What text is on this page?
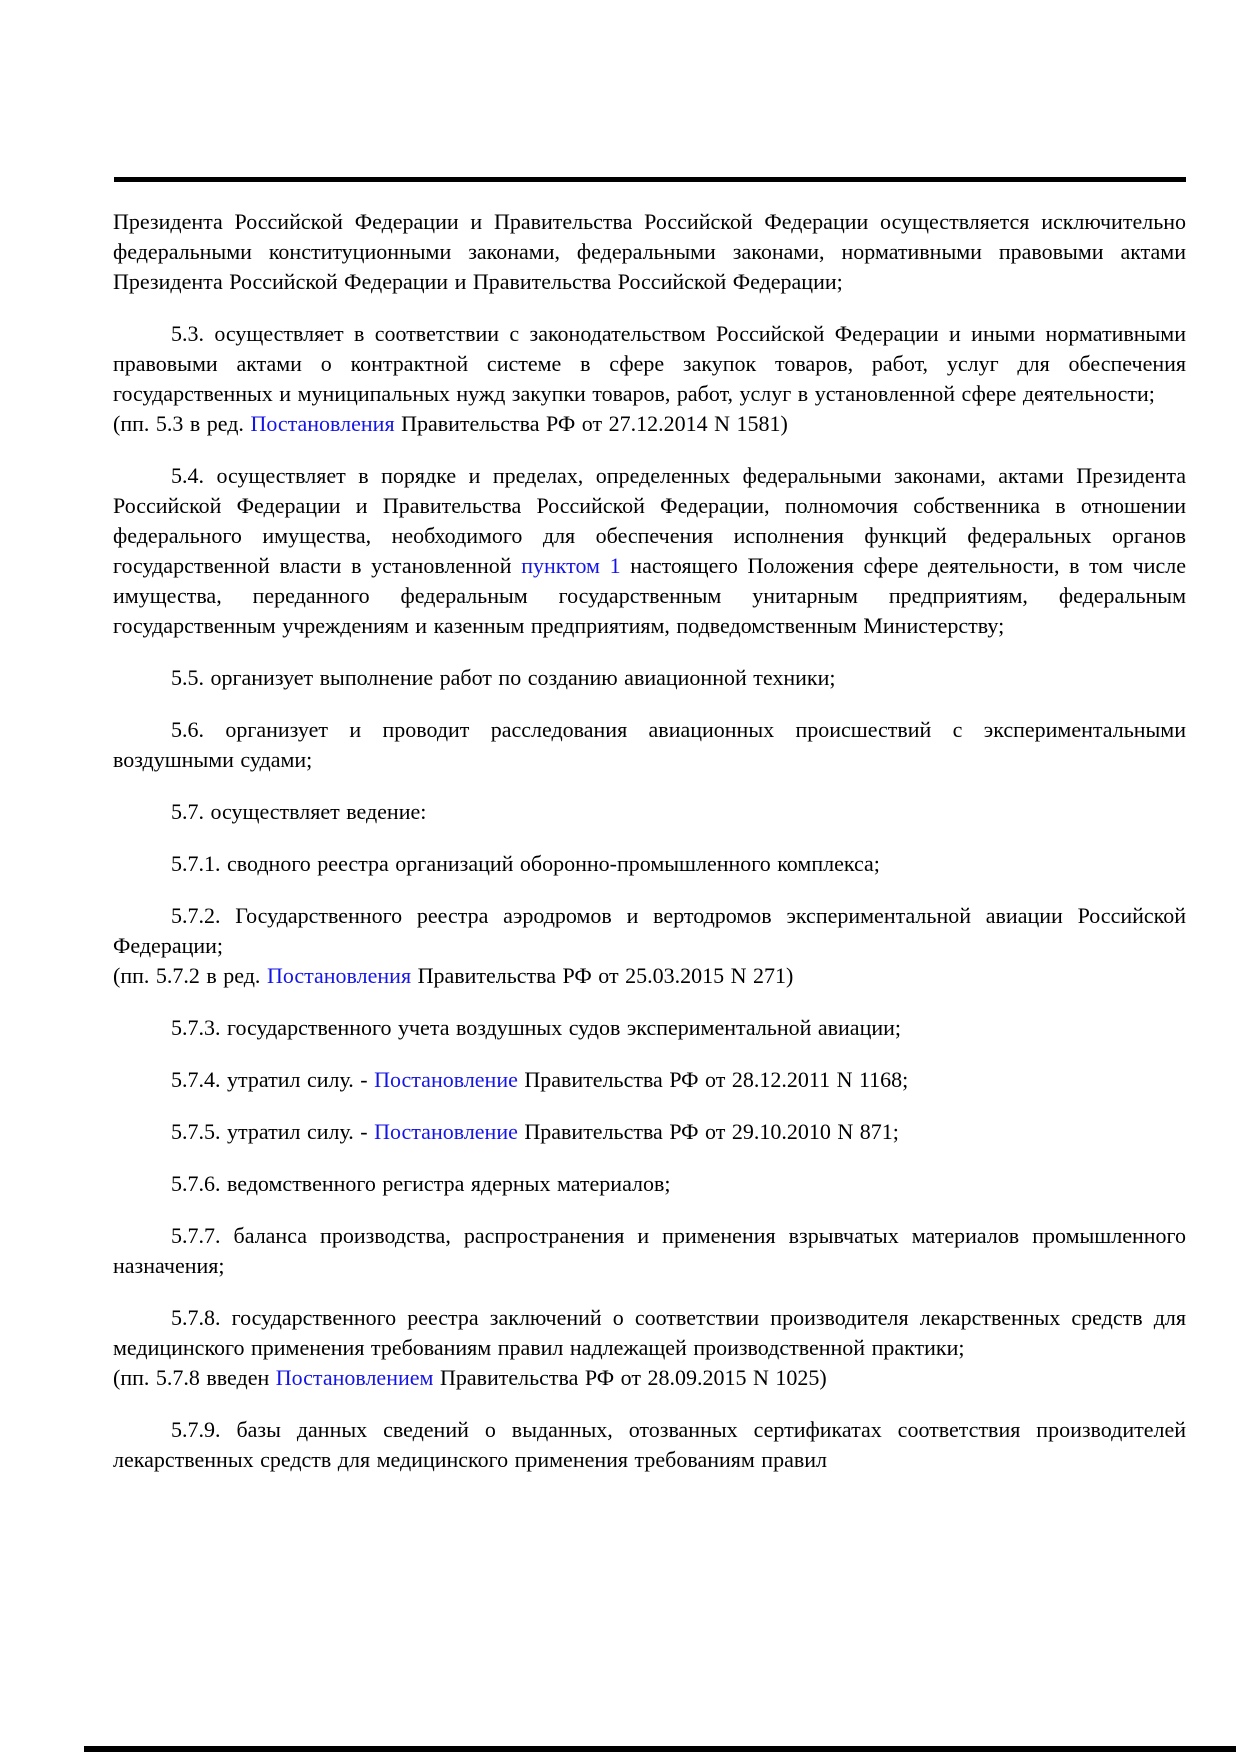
Президента Российской Федерации и Правительства Российской Федерации осуществляется исключительно федеральными конституционными законами, федеральными законами, нормативными правовыми актами Президента Российской Федерации и Правительства Российской Федерации;

5.3. осуществляет в соответствии с законодательством Российской Федерации и иными нормативными правовыми актами о контрактной системе в сфере закупок товаров, работ, услуг для обеспечения государственных и муниципальных нужд закупки товаров, работ, услуг в установленной сфере деятельности;

(пп. 5.3 в ред. Постановления Правительства РФ от 27.12.2014 N 1581)

5.4. осуществляет в порядке и пределах, определенных федеральными законами, актами Президента Российской Федерации и Правительства Российской Федерации, полномочия собственника в отношении федерального имущества, необходимого для обеспечения исполнения функций федеральных органов государственной власти в установленной пунктом 1 настоящего Положения сфере деятельности, в том числе имущества, переданного федеральным государственным унитарным предприятиям, федеральным государственным учреждениям и казенным предприятиям, подведомственным Министерству;

5.5. организует выполнение работ по созданию авиационной техники;

5.6. организует и проводит расследования авиационных происшествий с экспериментальными воздушными судами;

5.7. осуществляет ведение:

5.7.1. сводного реестра организаций оборонно-промышленного комплекса;

5.7.2. Государственного реестра аэродромов и вертодромов экспериментальной авиации Российской Федерации;

(пп. 5.7.2 в ред. Постановления Правительства РФ от 25.03.2015 N 271)

5.7.3. государственного учета воздушных судов экспериментальной авиации;

5.7.4. утратил силу. - Постановление Правительства РФ от 28.12.2011 N 1168;

5.7.5. утратил силу. - Постановление Правительства РФ от 29.10.2010 N 871;

5.7.6. ведомственного регистра ядерных материалов;

5.7.7. баланса производства, распространения и применения взрывчатых материалов промышленного назначения;

5.7.8. государственного реестра заключений о соответствии производителя лекарственных средств для медицинского применения требованиям правил надлежащей производственной практики;

(пп. 5.7.8 введен Постановлением Правительства РФ от 28.09.2015 N 1025)

5.7.9. базы данных сведений о выданных, отозванных сертификатах соответствия производителей лекарственных средств для медицинского применения требованиям правил
